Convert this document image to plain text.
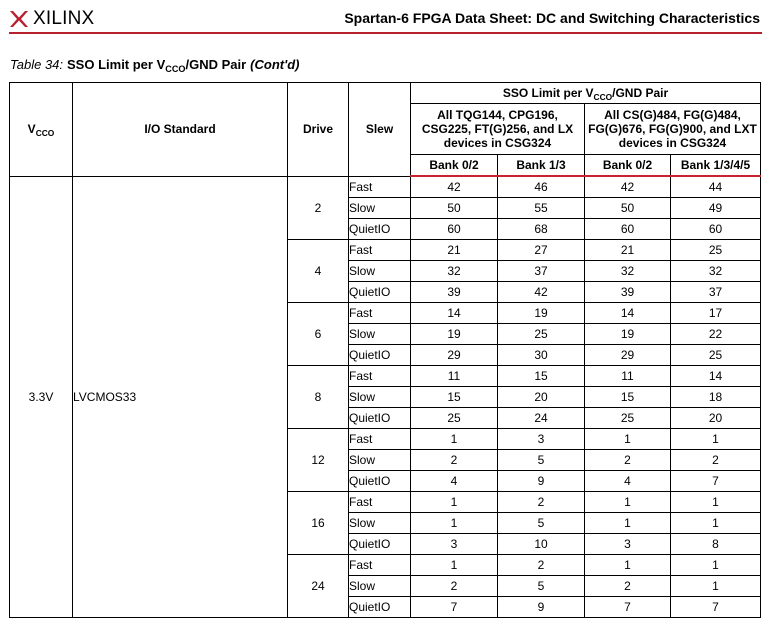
XILINX	Spartan-6 FPGA Data Sheet: DC and Switching Characteristics
Table 34: SSO Limit per $V_{CCO}$/GND Pair (Cont'd)
$V_{CCO}$	I/O Standard	Drive	Slew	SSO Limit per $V_{CCO}$/GND Pair			
				All TQG144, CPG196, CSG225, FT(G)256, and LX devices in CSG324		All CS(G)484, FG(G)484, FG(G)676, FG(G)900, and LXT devices in CSG324	
				Bank 0/2	Bank 1/3	Bank 0/2	Bank 1/3/4/5
3.3V	LVCMOS33	2	Fast	42	46	42	44
			Slow	50	55	50	49
			QuietIO	60	68	60	60
		4	Fast	21	27	21	25
			Slow	32	37	32	32
			QuietIO	39	42	39	37
		6	Fast	14	19	14	17
			Slow	19	25	19	22
			QuietIO	29	30	29	25
		8	Fast	11	15	11	14
			Slow	15	20	15	18
			QuietIO	25	24	25	20
		12	Fast	1	3	1	1
			Slow	2	5	2	2
			QuietIO	4	9	4	7
		16	Fast	1	2	1	1
			Slow	1	5	1	1
			QuietIO	3	10	3	8
		24	Fast	1	2	1	1
			Slow	2	5	2	1
			QuietIO	7	9	7	7
